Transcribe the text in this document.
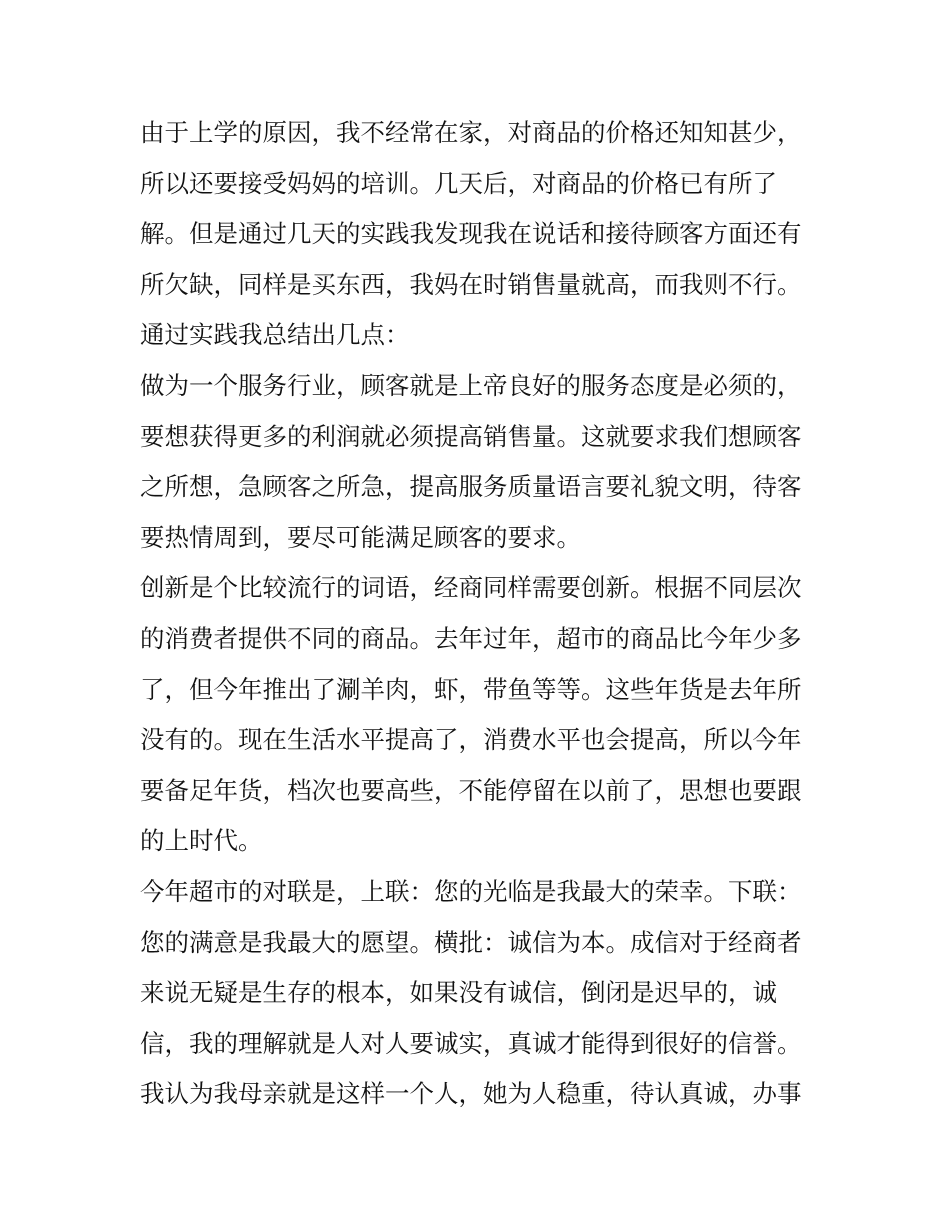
由于上学的原因，我不经常在家，对商品的价格还知知甚少，
所以还要接受妈妈的培训。几天后，对商品的价格已有所了
解。但是通过几天的实践我发现我在说话和接待顾客方面还有
所欠缺，同样是买东西，我妈在时销售量就高，而我则不行。
通过实践我总结出几点：
做为一个服务行业，顾客就是上帝良好的服务态度是必须的，
要想获得更多的利润就必须提高销售量。这就要求我们想顾客
之所想，急顾客之所急，提高服务质量语言要礼貌文明，待客
要热情周到，要尽可能满足顾客的要求。
创新是个比较流行的词语，经商同样需要创新。根据不同层次
的消费者提供不同的商品。去年过年，超市的商品比今年少多
了，但今年推出了涮羊肉，虾，带鱼等等。这些年货是去年所
没有的。现在生活水平提高了，消费水平也会提高，所以今年
要备足年货，档次也要高些，不能停留在以前了，思想也要跟
的上时代。
今年超市的对联是，上联：您的光临是我最大的荣幸。下联：
您的满意是我最大的愿望。横批：诚信为本。成信对于经商者
来说无疑是生存的根本，如果没有诚信，倒闭是迟早的，诚
信，我的理解就是人对人要诚实，真诚才能得到很好的信誉。
我认为我母亲就是这样一个人，她为人稳重，待认真诚，办事
